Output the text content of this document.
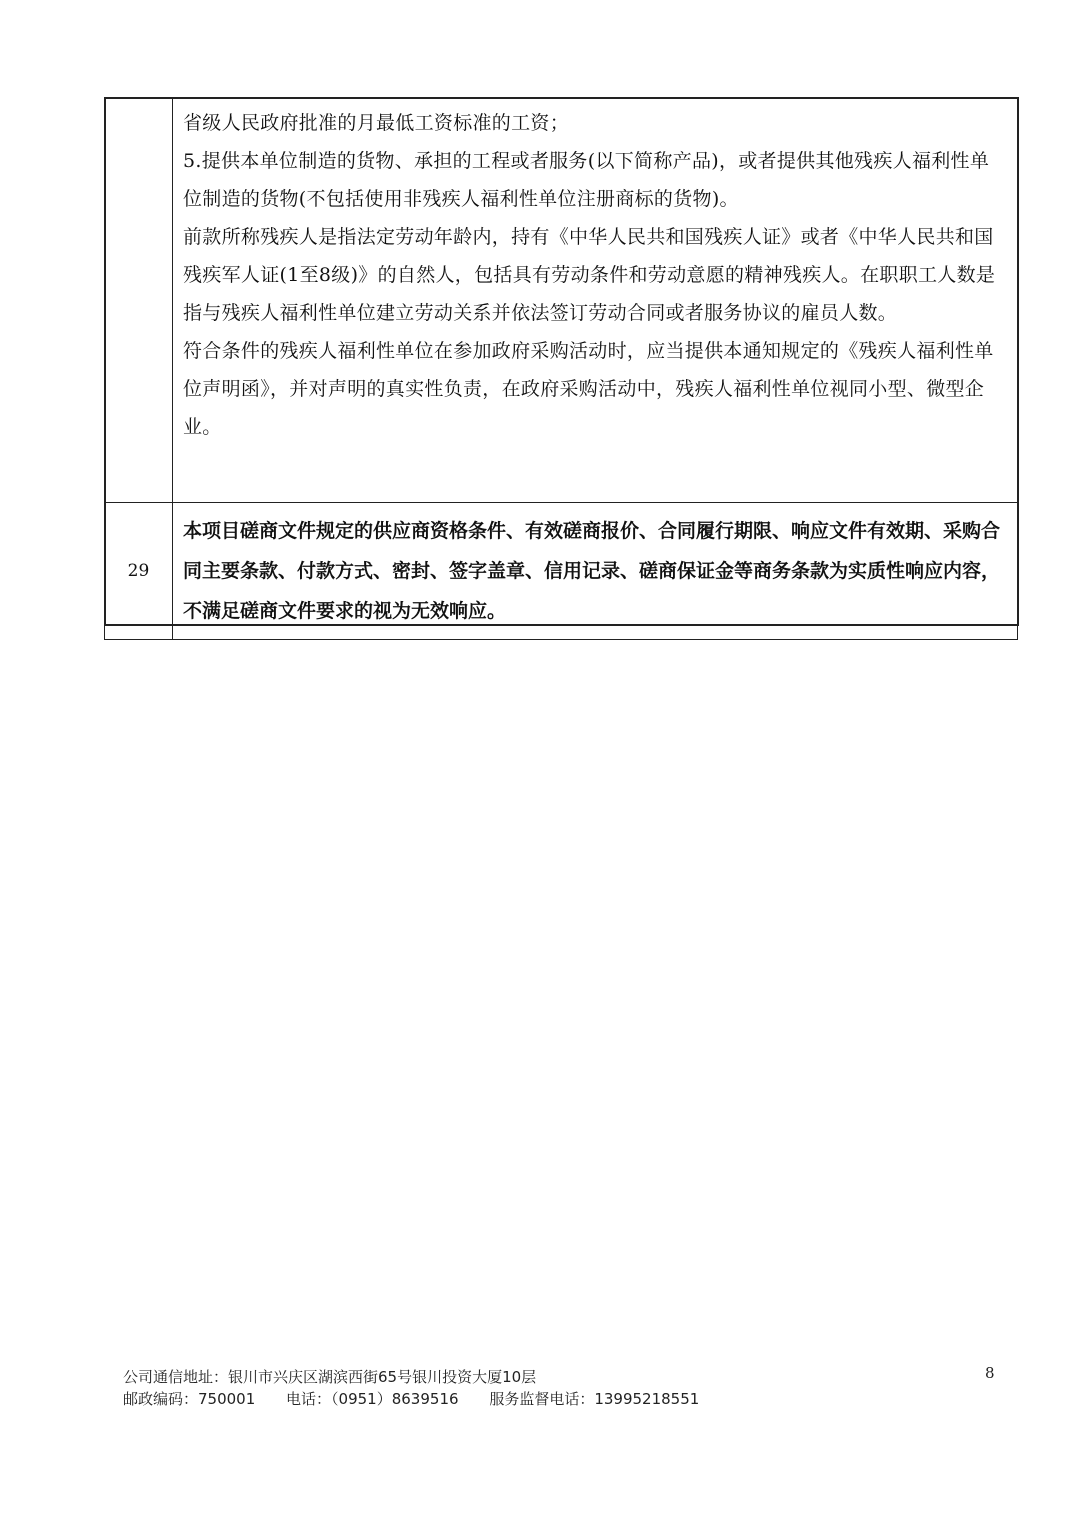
	省级人民政府批准的月最低工资标准的工资；

5.提供本单位制造的货物、承担的工程或者服务(以下简称产品)，或者提供其他残疾人福利性单位制造的货物(不包括使用非残疾人福利性单位注册商标的货物)。

前款所称残疾人是指法定劳动年龄内，持有《中华人民共和国残疾人证》或者《中华人民共和国残疾军人证(1至8级)》的自然人，包括具有劳动条件和劳动意愿的精神残疾人。在职职工人数是指与残疾人福利性单位建立劳动关系并依法签订劳动合同或者服务协议的雇员人数。

符合条件的残疾人福利性单位在参加政府采购活动时，应当提供本通知规定的《残疾人福利性单位声明函》，并对声明的真实性负责，在政府采购活动中，残疾人福利性单位视同小型、微型企业。

29	本项目磋商文件规定的供应商资格条件、有效磋商报价、合同履行期限、响应文件有效期、采购合同主要条款、付款方式、密封、签字盖章、信用记录、磋商保证金等商务条款为实质性响应内容，不满足磋商文件要求的视为无效响应。
公司通信地址：银川市兴庆区湖滨西街65号银川投资大厦10层
邮政编码：750001 电话：（0951）8639516 服务监督电话：13995218551
8
